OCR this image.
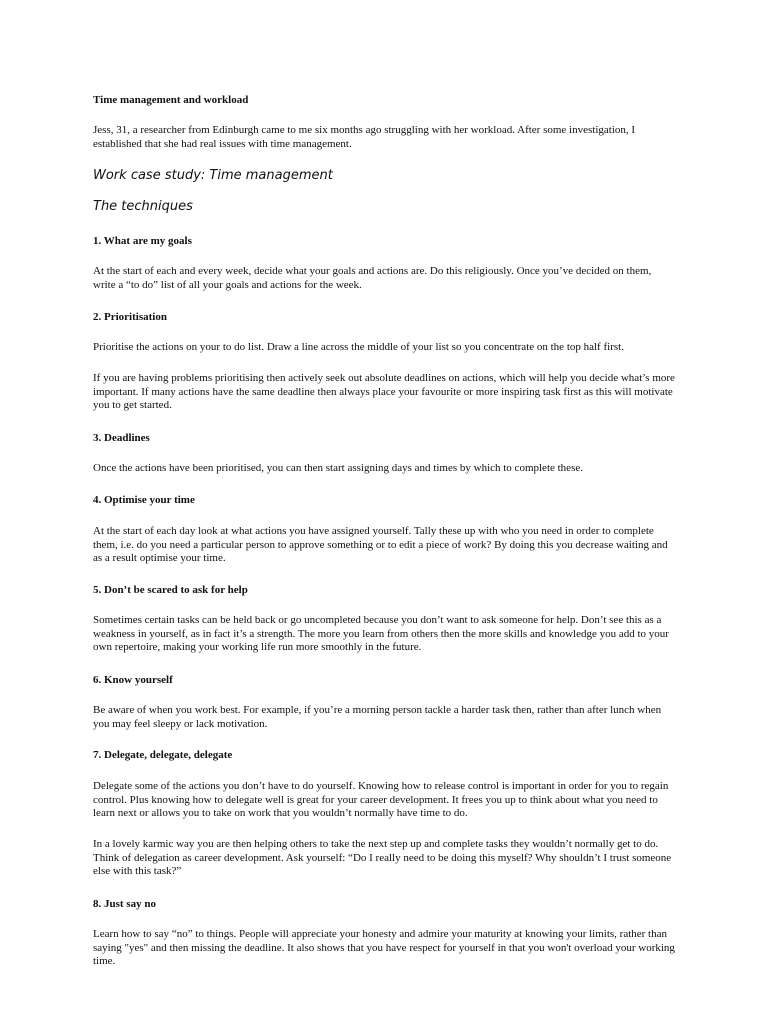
Time management and workload

Jess, 31, a researcher from Edinburgh came to me six months ago struggling with her workload. After some investigation, I established that she had real issues with time management.

Work case study: Time management
The techniques
1. What are my goals

At the start of each and every week, decide what your goals and actions are. Do this religiously. Once you’ve decided on them, write a “to do” list of all your goals and actions for the week.

2. Prioritisation

Prioritise the actions on your to do list. Draw a line across the middle of your list so you concentrate on the top half first.

If you are having problems prioritising then actively seek out absolute deadlines on actions, which will help you decide what’s more important. If many actions have the same deadline then always place your favourite or more inspiring task first as this will motivate you to get started.

3. Deadlines

Once the actions have been prioritised, you can then start assigning days and times by which to complete these.

4. Optimise your time

At the start of each day look at what actions you have assigned yourself. Tally these up with who you need in order to complete them, i.e. do you need a particular person to approve something or to edit a piece of work? By doing this you decrease waiting and as a result optimise your time.

5. Don’t be scared to ask for help

Sometimes certain tasks can be held back or go uncompleted because you don’t want to ask someone for help. Don’t see this as a weakness in yourself, as in fact it’s a strength. The more you learn from others then the more skills and knowledge you add to your own repertoire, making your working life run more smoothly in the future.

6. Know yourself

Be aware of when you work best. For example, if you’re a morning person tackle a harder task then, rather than after lunch when you may feel sleepy or lack motivation.

7. Delegate, delegate, delegate

Delegate some of the actions you don’t have to do yourself. Knowing how to release control is important in order for you to regain control. Plus knowing how to delegate well is great for your career development. It frees you up to think about what you need to learn next or allows you to take on work that you wouldn’t normally have time to do.

In a lovely karmic way you are then helping others to take the next step up and complete tasks they wouldn’t normally get to do. Think of delegation as career development. Ask yourself: “Do I really need to be doing this myself? Why shouldn’t I trust someone else with this task?”

8. Just say no

Learn how to say “no” to things. People will appreciate your honesty and admire your maturity at knowing your limits, rather than saying "yes" and then missing the deadline. It also shows that you have respect for yourself in that you won't overload your working time.
